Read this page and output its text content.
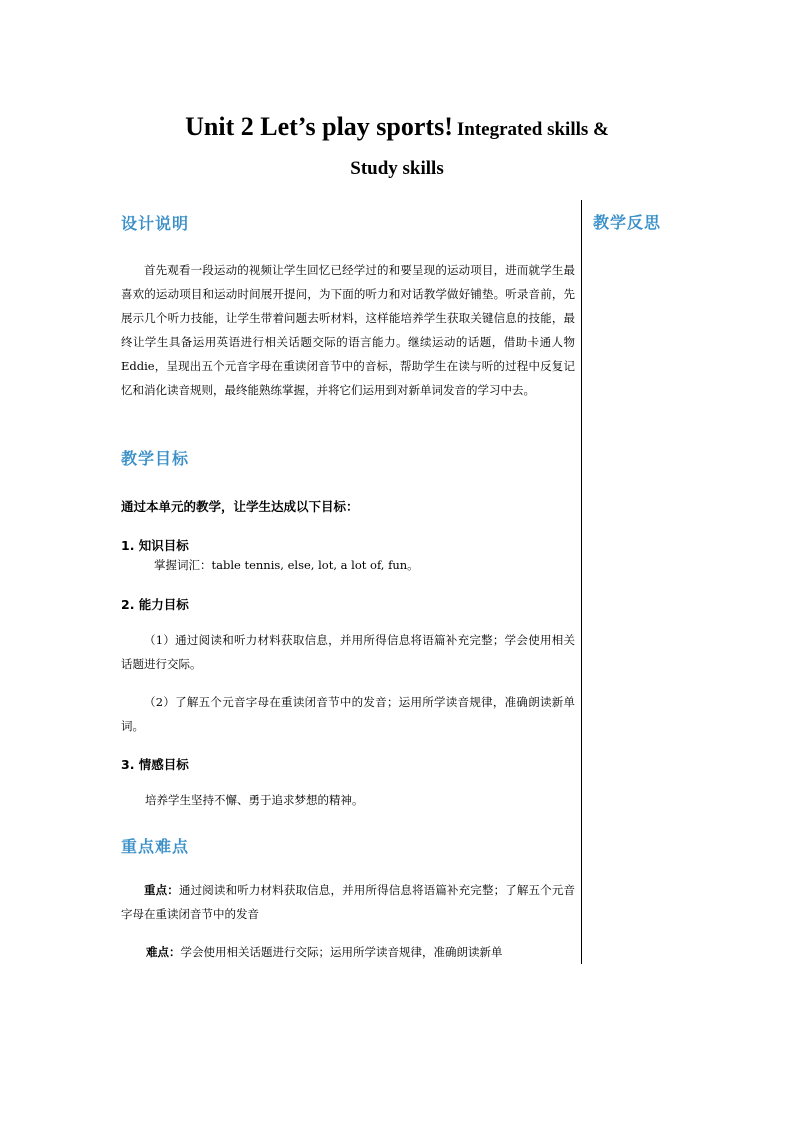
Unit 2 Let’s play sports! Integrated skills &
Study skills
教学反思
设计说明
首先观看一段运动的视频让学生回忆已经学过的和要呈现的运动项目，进而就学生最喜欢的运动项目和运动时间展开提问，为下面的听力和对话教学做好铺垫。听录音前，先展示几个听力技能，让学生带着问题去听材料，这样能培养学生获取关键信息的技能，最终让学生具备运用英语进行相关话题交际的语言能力。继续运动的话题，借助卡通人物Eddie，呈现出五个元音字母在重读闭音节中的音标，帮助学生在读与听的过程中反复记忆和消化读音规则，最终能熟练掌握，并将它们运用到对新单词发音的学习中去。
教学目标
通过本单元的教学，让学生达成以下目标：
1. 知识目标
掌握词汇：table tennis, else, lot, a lot of, fun。
2. 能力目标
（1）通过阅读和听力材料获取信息，并用所得信息将语篇补充完整；学会使用相关话题进行交际。
（2）了解五个元音字母在重读闭音节中的发音；运用所学读音规律，准确朗读新单词。
3. 情感目标
培养学生坚持不懈、勇于追求梦想的精神。
重点难点
重点：通过阅读和听力材料获取信息，并用所得信息将语篇补充完整；了解五个元音字母在重读闭音节中的发音
难点：学会使用相关话题进行交际；运用所学读音规律，准确朗读新单
